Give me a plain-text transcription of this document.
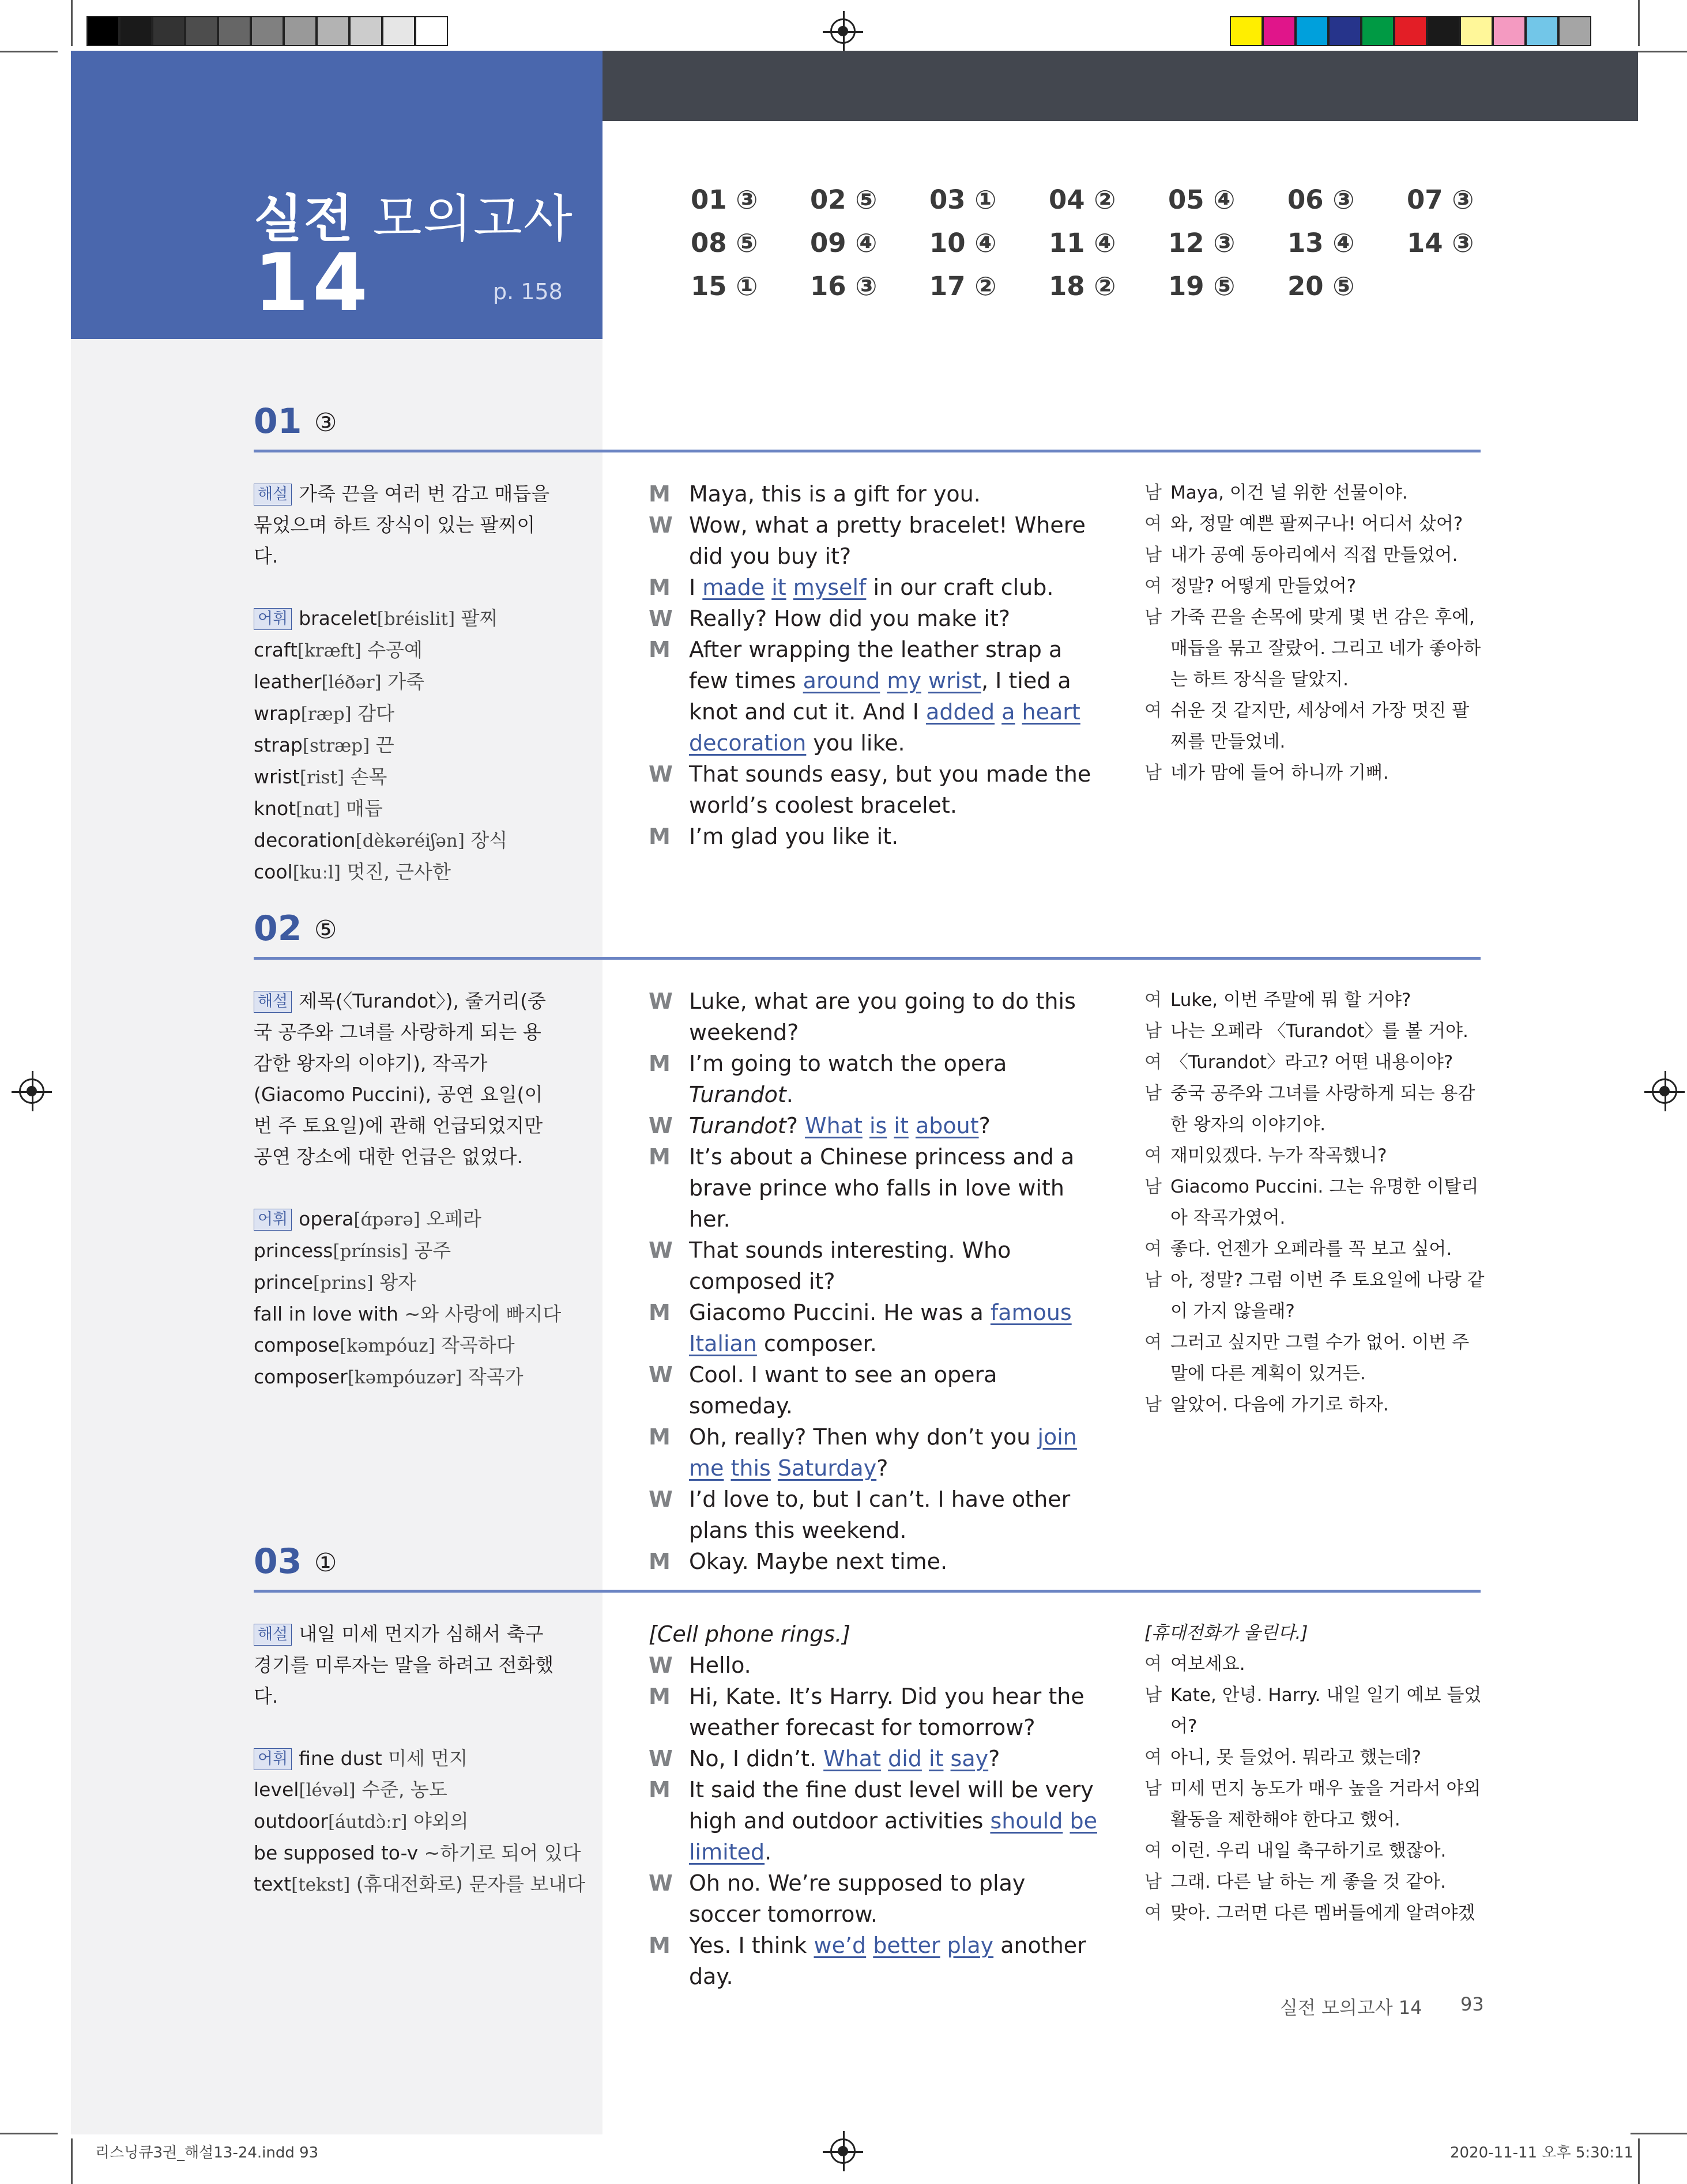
실전 모의고사
14	p. 158
01 ③ 02 ⑤ 03 ① 04 ② 05 ④ 06 ③ 07 ③
08 ⑤ 09 ④ 10 ④ 11 ④ 12 ③ 13 ④ 14 ③
15 ① 16 ③ 17 ② 18 ② 19 ⑤ 20 ⑤
01 ③
해설 가죽 끈을 여러 번 감고 매듭을 묶었으며 하트 장식이 있는 팔찌이다.
어휘 bracelet[bréislit] 팔찌
craft[kræft] 수공예
leather[léðər] 가죽
wrap[ræp] 감다
strap[stræp] 끈
wrist[rist] 손목
knot[nɑt] 매듭
decoration[dèkəréiʃən] 장식
cool[kuːl] 멋진, 근사한
M Maya, this is a gift for you.
W Wow, what a pretty bracelet! Where did you buy it?
M I made it myself in our craft club.
W Really? How did you make it?
M After wrapping the leather strap a few times around my wrist, I tied a knot and cut it. And I added a heart decoration you like.
W That sounds easy, but you made the world’s coolest bracelet.
M I’m glad you like it.
남 Maya, 이건 널 위한 선물이야.
여 와, 정말 예쁜 팔찌구나! 어디서 샀어?
남 내가 공예 동아리에서 직접 만들었어.
여 정말? 어떻게 만들었어?
남 가죽 끈을 손목에 맞게 몇 번 감은 후에, 매듭을 묶고 잘랐어. 그리고 네가 좋아하는 하트 장식을 달았지.
여 쉬운 것 같지만, 세상에서 가장 멋진 팔찌를 만들었네.
남 네가 맘에 들어 하니까 기뻐.
02 ⑤
해설 제목(〈Turandot〉), 줄거리(중국 공주와 그녀를 사랑하게 되는 용감한 왕자의 이야기), 작곡가(Giacomo Puccini), 공연 요일(이번 주 토요일)에 관해 언급되었지만 공연 장소에 대한 언급은 없었다.
어휘 opera[ɑ́pərə] 오페라
princess[prínsis] 공주
prince[prins] 왕자
fall in love with ~와 사랑에 빠지다
compose[kəmpóuz] 작곡하다
composer[kəmpóuzər] 작곡가
W Luke, what are you going to do this weekend?
M I’m going to watch the opera Turandot.
W Turandot? What is it about?
M It’s about a Chinese princess and a brave prince who falls in love with her.
W That sounds interesting. Who composed it?
M Giacomo Puccini. He was a famous Italian composer.
W Cool. I want to see an opera someday.
M Oh, really? Then why don’t you join me this Saturday?
W I’d love to, but I can’t. I have other plans this weekend.
M Okay. Maybe next time.
여 Luke, 이번 주말에 뭐 할 거야?
남 나는 오페라 〈Turandot〉를 볼 거야.
여 〈Turandot〉라고? 어떤 내용이야?
남 중국 공주와 그녀를 사랑하게 되는 용감한 왕자의 이야기야.
여 재미있겠다. 누가 작곡했니?
남 Giacomo Puccini. 그는 유명한 이탈리아 작곡가였어.
여 좋다. 언젠가 오페라를 꼭 보고 싶어.
남 아, 정말? 그럼 이번 주 토요일에 나랑 같이 가지 않을래?
여 그러고 싶지만 그럴 수가 없어. 이번 주말에 다른 계획이 있거든.
남 알았어. 다음에 가기로 하자.
03 ①
해설 내일 미세 먼지가 심해서 축구 경기를 미루자는 말을 하려고 전화했다.
어휘 fine dust 미세 먼지
level[lévəl] 수준, 농도
outdoor[áutdɔ̀ːr] 야외의
be supposed to-v ~하기로 되어 있다
text[tekst] (휴대전화로) 문자를 보내다
[Cell phone rings.]
W Hello.
M Hi, Kate. It’s Harry. Did you hear the weather forecast for tomorrow?
W No, I didn’t. What did it say?
M It said the fine dust level will be very high and outdoor activities should be limited.
W Oh no. We’re supposed to play soccer tomorrow.
M Yes. I think we’d better play another day.
[휴대전화가 울린다.]
여 여보세요.
남 Kate, 안녕. Harry. 내일 일기 예보 들었어?
여 아니, 못 들었어. 뭐라고 했는데?
남 미세 먼지 농도가 매우 높을 거라서 야외 활동을 제한해야 한다고 했어.
여 이런. 우리 내일 축구하기로 했잖아.
남 그래. 다른 날 하는 게 좋을 것 같아.
여 맞아. 그러면 다른 멤버들에게 알려야겠
실전 모의고사 14 93
리스닝큐3권_해설13-24.indd 93	2020-11-11 오후 5:30:11
